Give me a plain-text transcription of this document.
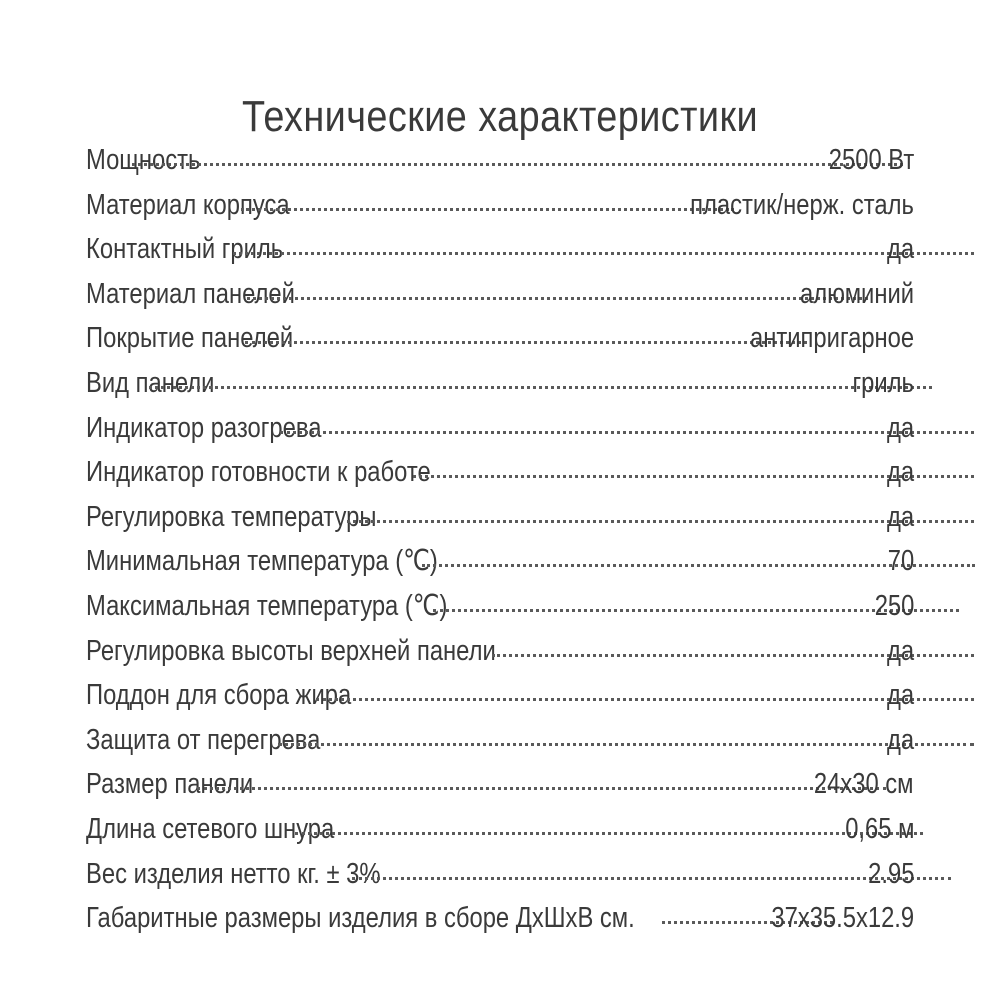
Технические характеристики
Мощность	2500 Вт
Материал корпуса	пластик/нерж. сталь
Контактный гриль	да
Материал панелей	алюминий
Покрытие панелей	антипригарное
Вид панели	гриль
Индикатор разогрева	да
Индикатор готовности к работе	да
Регулировка температуры	да
Минимальная температура (℃)	70
Максимальная температура (℃)	250
Регулировка высоты верхней панели	да
Поддон для сбора жира	да
Защита от перегрева	да
Размер панели	24x30 см
Длина сетевого шнура	0,65 м
Вес изделия нетто кг. ± 3%	2.95
Габаритные размеры изделия в сборе ДхШхВ см.	37x35.5x12.9
